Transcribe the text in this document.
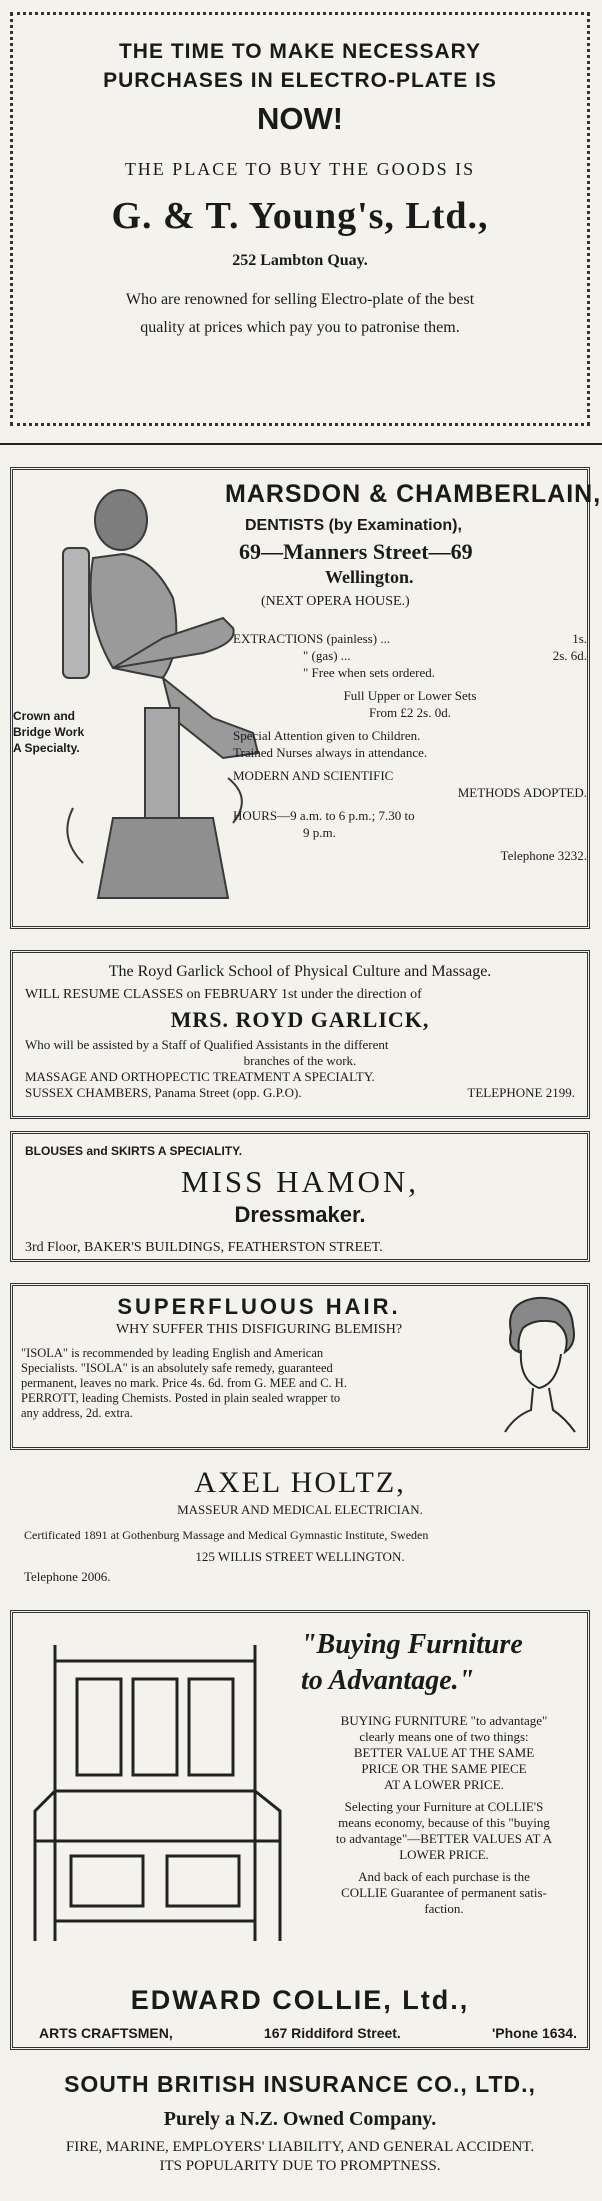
THE TIME TO MAKE NECESSARY
PURCHASES IN ELECTRO-PLATE IS
NOW!
THE PLACE TO BUY THE GOODS IS
G. & T. Young's, Ltd.,
252 Lambton Quay.
Who are renowned for selling Electro-plate of the best
quality at prices which pay you to patronise them.
Crown and
Bridge Work
A Specialty.
MARSDON & CHAMBERLAIN,
DENTISTS (by Examination),
69—Manners Street—69
Wellington.
(NEXT OPERA HOUSE.)
EXTRACTIONS (painless) ...	1s.
" (gas) ...	2s. 6d.
" Free when sets ordered.
Full Upper or Lower Sets
From £2 2s. 0d.
Special Attention given to Children.
Trained Nurses always in attendance.
MODERN AND SCIENTIFIC
METHODS ADOPTED.
HOURS—9 a.m. to 6 p.m.; 7.30 to
9 p.m.
Telephone 3232.
The Royd Garlick School of Physical Culture and Massage.
WILL RESUME CLASSES on FEBRUARY 1st under the direction of
MRS. ROYD GARLICK,
Who will be assisted by a Staff of Qualified Assistants in the different
branches of the work.
MASSAGE AND ORTHOPECTIC TREATMENT A SPECIALTY.
SUSSEX CHAMBERS, Panama Street (opp. G.P.O).	TELEPHONE 2199.
BLOUSES and SKIRTS A SPECIALITY.
MISS HAMON,
Dressmaker.
3rd Floor, BAKER'S BUILDINGS, FEATHERSTON STREET.
SUPERFLUOUS HAIR.
WHY SUFFER THIS DISFIGURING BLEMISH?
"ISOLA" is recommended by leading English and American
Specialists. "ISOLA" is an absolutely safe remedy, guaranteed
permanent, leaves no mark. Price 4s. 6d. from G. MEE and C. H.
PERROTT, leading Chemists. Posted in plain sealed wrapper to
any address, 2d. extra.
AXEL HOLTZ,
MASSEUR AND MEDICAL ELECTRICIAN.
Certificated 1891 at Gothenburg Massage and Medical Gymnastic Institute, Sweden
125 WILLIS STREET WELLINGTON.
Telephone 2006.
"Buying Furniture
to Advantage."
BUYING FURNITURE "to advantage"
clearly means one of two things:
BETTER VALUE AT THE SAME
PRICE OR THE SAME PIECE
AT A LOWER PRICE.
Selecting your Furniture at COLLIE'S
means economy, because of this "buying
to advantage"—BETTER VALUES AT A
LOWER PRICE.
And back of each purchase is the
COLLIE Guarantee of permanent satis-
faction.
EDWARD COLLIE, Ltd.,
ARTS CRAFTSMEN,	167 Riddiford Street.	'Phone 1634.
SOUTH BRITISH INSURANCE CO., LTD.,
Purely a N.Z. Owned Company.
FIRE, MARINE, EMPLOYERS' LIABILITY, AND GENERAL ACCIDENT.
ITS POPULARITY DUE TO PROMPTNESS.
